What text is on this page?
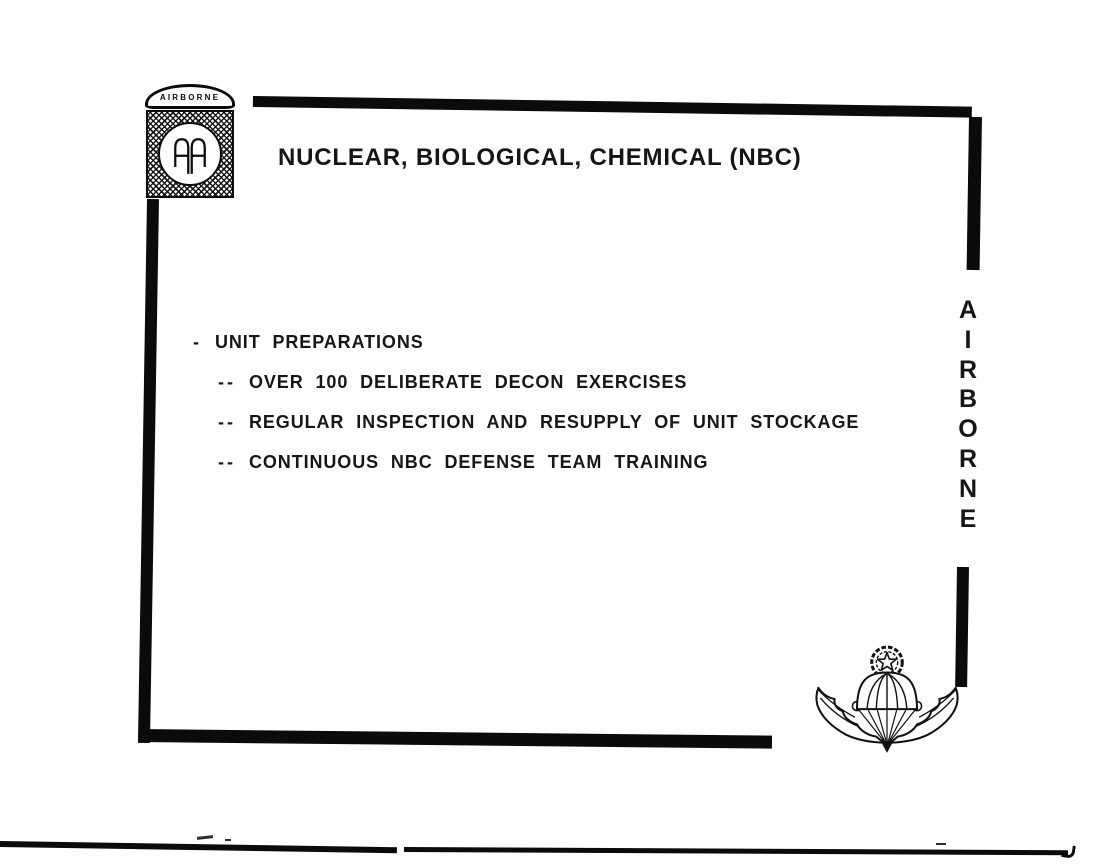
AIRBORNE
NUCLEAR, BIOLOGICAL, CHEMICAL (NBC)
- UNIT PREPARATIONS
-- OVER 100 DELIBERATE DECON EXERCISES
-- REGULAR INSPECTION AND RESUPPLY OF UNIT STOCKAGE
-- CONTINUOUS NBC DEFENSE TEAM TRAINING
A
I
R
B
O
R
N
E
